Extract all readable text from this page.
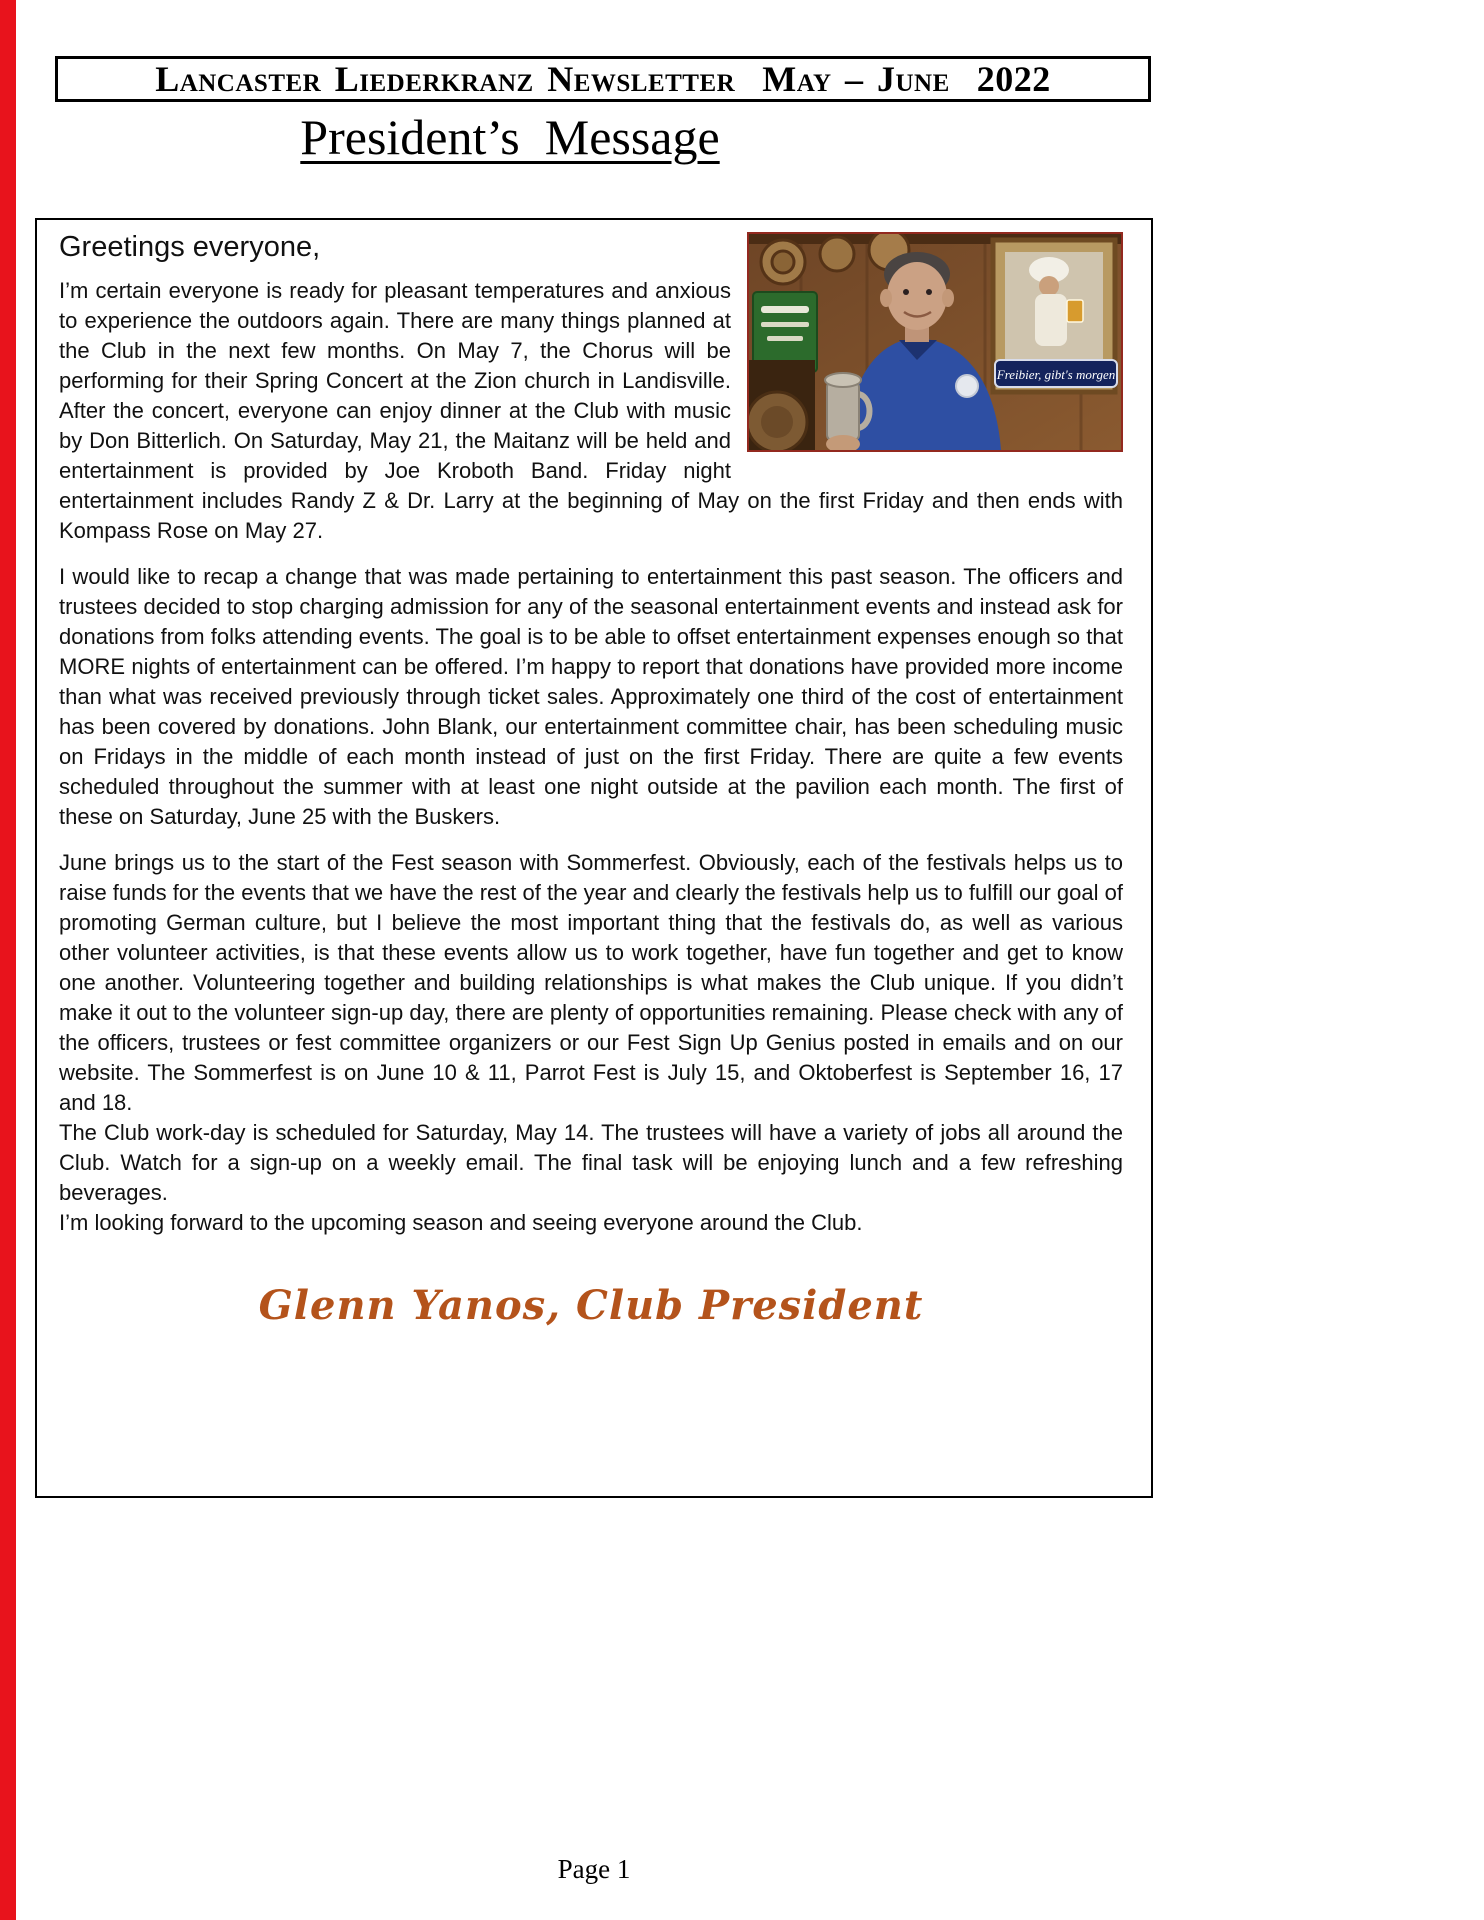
Lancaster Liederkranz Newsletter  May – June  2022
President’s  Message
Freibier, gibt's morgen
Greetings everyone,

I’m certain everyone is ready for pleasant temperatures and anxious to experience the outdoors again. There are many things planned at the Club in the next few months. On May 7, the Chorus will be performing for their Spring Concert at the Zion church in Landisville. After the concert, everyone can enjoy dinner at the Club with music by Don Bitterlich. On Saturday, May 21, the Maitanz will be held and entertainment is provided by Joe Kroboth Band. Friday night entertainment includes Randy Z & Dr. Larry at the beginning of May on the first Friday and then ends with Kompass Rose on May 27.

I would like to recap a change that was made pertaining to entertainment this past season. The officers and trustees decided to stop charging admission for any of the seasonal entertainment events and instead ask for donations from folks attending events. The goal is to be able to offset entertainment expenses enough so that MORE nights of entertainment can be offered. I’m happy to report that donations have provided more income than what was received previously through ticket sales. Approximately one third of the cost of entertainment has been covered by donations. John Blank, our entertainment committee chair, has been scheduling music on Fridays in the middle of each month instead of just on the first Friday. There are quite a few events scheduled throughout the summer with at least one night outside at the pavilion each month. The first of these on Saturday, June 25 with the Buskers.

June brings us to the start of the Fest season with Sommerfest. Obviously, each of the festivals helps us to raise funds for the events that we have the rest of the year and clearly the festivals help us to fulfill our goal of promoting German culture, but I believe the most important thing that the festivals do, as well as various other volunteer activities, is that these events allow us to work together, have fun together and get to know one another. Volunteering together and building relationships is what makes the Club unique. If you didn’t make it out to the volunteer sign-up day, there are plenty of opportunities remaining. Please check with any of the officers, trustees or fest committee organizers or our Fest Sign Up Genius posted in emails and on our website. The Sommerfest is on June 10 & 11, Parrot Fest is July 15, and Oktoberfest is September 16, 17 and 18.

The Club work-day is scheduled for Saturday, May 14. The trustees will have a variety of jobs all around the Club. Watch for a sign-up on a weekly email. The final task will be enjoying lunch and a few refreshing beverages.

I’m looking forward to the upcoming season and seeing everyone around the Club.

Glenn Yanos, Club President
Page 1
